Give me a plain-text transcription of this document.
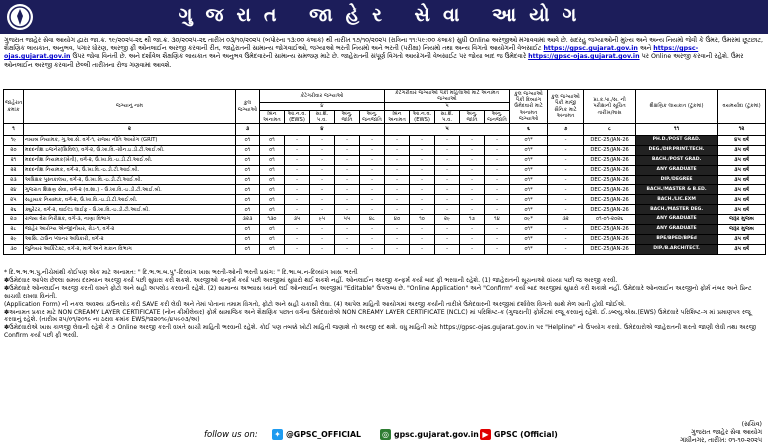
ગુજરાત જાહેર સેવા આયોગ
ગુજરાત જાહેર સેવા આયોગ દ્વારા જા.ક્ર. ૧૯/૨૦૨૫-૨૬ થી જા.ક્ર. ૩૦/૨૦૨૫-૨૬ તારીખ ૦૩/૧૦/૨૦૨૫ (બપોરના ૧૩:૦૦ કલાક) થી તારીખ ૧૭/૧૦/૨૦૨૫ (રાત્રિના ૧૧:૫૯:૦૦ કલાક) સુધી Online અરજીઓ મંગાવવામાં આવે છે. સદરહુ જગ્યાઓની મુખ્ય અને અન્ય નિયમો જેવી કે ઉંમર, ઉંમરમાં છૂટછાટ, શૈક્ષણિક લાયકાત, અનુભવ, પગાર ધોરણ, અરજી ફી ઓનલાઈન અરજી કરવાની રીત, જાહેરાતની સામાન્ય જોગવાઈઓ, જગ્યાઓ ભરતી નિયમો અને ભરતી (પરીક્ષા) નિયમો તથા અન્ય વિગતો આયોગની વેબસાઈટ https://gpsc.gujarat.gov.in અને https://gpsc-ojas.gujarat.gov.in ઉપર જોવા વિનંતી છે. અને દર્શાવેલ શૈક્ષણિક લાયકાત અને અનુભવ ઉમેદવારની સામાન્ય સમજણ માટે છે. જાહેરાતની સંપૂર્ણ વિગતો આયોગની વેબસાઈટ પર જોયા બાદ જ ઉમેદવારે https://gpsc-ojas.gujarat.gov.in પર Online અરજી કરવાની રહેશે. ઉંમર ઓનલાઈન અરજી કરવાની છેલ્લી તારીખના રોજ ગણવામાં આવશે.
જાહેરાત ક્રમાંક	જગ્યાનું નામ	કુલ જગ્યાઓ	કેટેગરીવાર જગ્યાઓ					કેટેગરીવાર જગ્યાઓ પૈકી મહિલાઓ માટે અનામત જગ્યાઓ					કુલ જગ્યાઓ પૈકી દિવ્યાંગ ઉમેદવારો માટે અનામત જગ્યાઓ	કુલ જગ્યાઓ પૈકી માજી સૈનિક માટે અનામત	પ્રા.ક.પા./સ. ની પરીક્ષાની સૂચિત તારીખ/માસ	શૈક્ષણિક લાયકાત (ટૂંકમાં)	વયમર્યાદા (ટૂંકમાં)
			૪					૫									
			બિન અનામત	આ.ન.વ. (EWS)	સા.શૈ. પ.વ.	અનુ. જાતિ	અનુ. જનજાતિ	બિન અનામત	આ.ન.વ. (EWS)	સા.શૈ. પ.વ.	અનુ. જાતિ	અનુ. જનજાતિ					
૧	૨	૩	૪					૫					૬	૭	૮	૧૧	૧૨
૧૯	નાયબ નિયામક, ગુ.આ.સે. વર્ગ-૧, રાજ્ય નીતિ આયોગ (GRIT)	૦૧	૦૧	-	-	-	-	-	-	-	-	-	૦૧*	-	DEC-25/JAN-26	PH.D./POST GRAD.	૪૫ વર્ષ
૨૦	મદદનીશ ઇજનેર(સિવિલ), વર્ગ-૨, ઉ.ખા.વિ.-ગ્રીન.ઇ.ડી.ટી.આઈ.બી.	૦૧	૦૧	-	-	-	-	-	-	-	-	-	૦૧*	-	DEC-25/JAN-26	DEG./DIP.PRINT.TECH.	૩૫ વર્ષ
૨૧	મદદનીશ નિયામક(ખેતી), વર્ગ-૨, ઉ.ખા.વિ.-ઇ.ડી.ટી.આઈ.બી.	૦૧	૦૧	-	-	-	-	-	-	-	-	-	૦૧*	-	DEC-25/JAN-26	BACH./POST GRAD.	૩૫ વર્ષ
૨૨	મદદનીશ નિયામક, વર્ગ-૨, ઉ.ખા.વિ.-ઇ.ડી.ટી.આઈ.બી.	૦૧	૦૧	-	-	-	-	-	-	-	-	-	૦૧*	-	DEC-25/JAN-26	ANY GRADUATE	૩૫ વર્ષ
૨૩	અધિક્ષક પુસ્તકાલય, વર્ગ-૨, ઉ.ખા.વિ.-ઇ.ડી.ટી.આઈ.બી.	૦૧	૦૧	-	-	-	-	-	-	-	-	-	૦૧*	-	DEC-25/JAN-26	DIP./DEGREE	૩૫ વર્ષ
૨૪	ગુજરાત શિક્ષણ સેવા, વર્ગ-૨ (વ.શા.) - ઉ.ખા.વિ.-ઇ.ડી.ટી.આઈ.બી.	૦૧	૦૧	-	-	-	-	-	-	-	-	-	૦૧*	-	DEC-25/JAN-26	BACH./MASTER & B.ED.	૩૫ વર્ષ
૨૫	સહાયક નિયામક, વર્ગ-૨, ઉ.ખા.વિ.-ઇ.ડી.ટી.આઈ.બી.	૦૧	૦૧	-	-	-	-	-	-	-	-	-	૦૧*	-	DEC-25/JAN-26	BACH./LIC.EXM	૩૫ વર્ષ
૨૬	ક્યુરેટર, વર્ગ-૨, વાઈલ્ડ લાઈફ - ઉ.ખા.વિ.-ઇ.ડી.ટી.આઈ.બી.	૦૧	૦૧	-	-	-	-	-	-	-	-	-	૦૧*	-	DEC-25/JAN-26	BACH./MASTER DEG.	૩૫ વર્ષ
૨૭	રાજ્ય વેરા નિરીક્ષક, વર્ગ-૩, નાણા વિભાગ	૩૨૩	૧૩૦	૩૫	૯૫	૫૫	૪૮	૪૦	૧૦	૨૯	૧૭	૧૪	૦૯*	૩૨	૦૧-૦૧-૨૦૨૬	ANY GRADUATE	જરૂર મુજબ
૨૮	જાહેર આરોગ્ય એન્જીનીયર, ગ્રેડ-૧, વર્ગ-૨	૦૧	૦૧	-	-	-	-	-	-	-	-	-	૦૧*	-	DEC-25/JAN-26	ANY GRADUATE	જરૂર મુજબ
૨૯	આસિ. ટાઉન પ્લાનર અધિકારી, વર્ગ-૨	૦૧	૦૧	-	-	-	-	-	-	-	-	-	૦૧*	-	DEC-25/JAN-26	BPE/BPED/BPEd	૩૫ વર્ષ
૩૦	જુનિયર આર્કિટેક્ટ, વર્ગ-૨, માર્ગ અને મકાન વિભાગ	૦૧	૦૧	-	-	-	-	-	-	-	-	-	૦૧*	-	DEC-25/JAN-26	DIP./B.ARCHITECT.	૩૫ વર્ષ

* દિ.ભ.ભ.ભ.પુ.નીચેમાંથી કોઈપણ એક માટે અનામત: " દિ.ભ.ભ.બ.પુ"-દિવ્યાંગ ખાસ ભરતી-ઓની ભરતી પ્રસંગ: " દિ.ભા.બ.ન-દિવ્યાંગ ખાસ ભરતી

✽ઉમેદવાર આપેલ છેલ્લા સમય દરમ્યાન અરજી કર્યા પછી સુધારા કરી શકશે. અરજીઓ કન્ફર્મ કર્યા પછી અરજીમાં સુધારો થઈ શકશે નહીં. ઓનલાઈન અરજી કન્ફર્મ કર્યા બાદ ફી ભરવાની રહેશે. (1) જાહેરાતની સૂચનાઓ વાંચ્યા પછી જ અરજી કરવી.

✽ઉમેદવારે ઓનલાઈન અરજી કરતી વખતે ફોટો અને સહી અપલોડ કરવાની રહેશે. (2) સામાન્ય અભ્યાસ ધ્યાને લઈ ઓનલાઈન અરજીમાં "Editable" ઉપલબ્ધ છે. "Online Application" અને "Confirm" કર્યા બાદ અરજીમાં સુધારો કરી શકાશે નહીં. ઉમેદવારે ઓનલાઈન અરજીનો ફોર્મ નંબર અને પ્રિન્ટ સાચવી રાખવા વિનંતી.

(Application Form) ની નકલ અવશ્ય ડાઉનલોડ કરી SAVE કરી લેવી અને તેમાં પોતાના તમામ વિગતો, ફોટો અને સહી ચકાસી લેવા. (4) આપેલ માહિતી આયોગમાં અરજી કર્યાની તારીખે ઉમેદવારની અરજીમાં દર્શાવેલ વિગતો સાથે મેળ ખાતી હોવી જોઈએ.

✽અનામત પ્રકાર માટે NON CREAMY LAYER CERTIFICATE (નોન ક્રીમીલેયર) ફોર્મ સામાજિક અને શૈક્ષણિક પછાત વર્ગના ઉમેદવારોએ NON CREAMY LAYER CERTIFICATE (NCLC) માં પરિશિષ્ટ-ક (ગુજરાતી) ફોર્મેટમાં રજૂ કરવાનું રહેશે. ઈ.ડબ્લ્યુ.એસ.(EWS) ઉમેદવારે પરિશિષ્ટ-ગ માં પ્રમાણપત્ર રજૂ કરવાનું રહેશે. (તારીખ ૨૫/૦૧/૨૦૧૯ ના ઠરાવ ક્રમાંક EWS/૧૨૨૦૧૯/૪૫૯૦૩/અ)

✽ઉમેદવારોએ ખાસ કાળજી લેવાની રહેશે કે ૭ Online અરજી કરતી વખતે સાચી માહિતી ભરવાની રહેશે. કોઈ પણ તબક્કે ખોટી માહિતી જણાશે તો અરજી રદ થશે. વધુ માહિતી માટે https://gpsc-ojas.gujarat.gov.in પર "Helpline" નો ઉપયોગ કરવો. ઉમેદવારોએ જાહેરાતની શરતો જાણી લેવી તથા અરજી Confirm કર્યા પછી ફી ભરવી.

follow us on: ✦ @GPSC_OFFICIAL	◎ gpsc.gujarat.gov.in ▶ GPSC (Official)
(સચિવ)
ગુજરાત જાહેર સેવા આયોગ
ગાંધીનગર, તારીખ: ૦૧-૧૦-૨૦૨૫
